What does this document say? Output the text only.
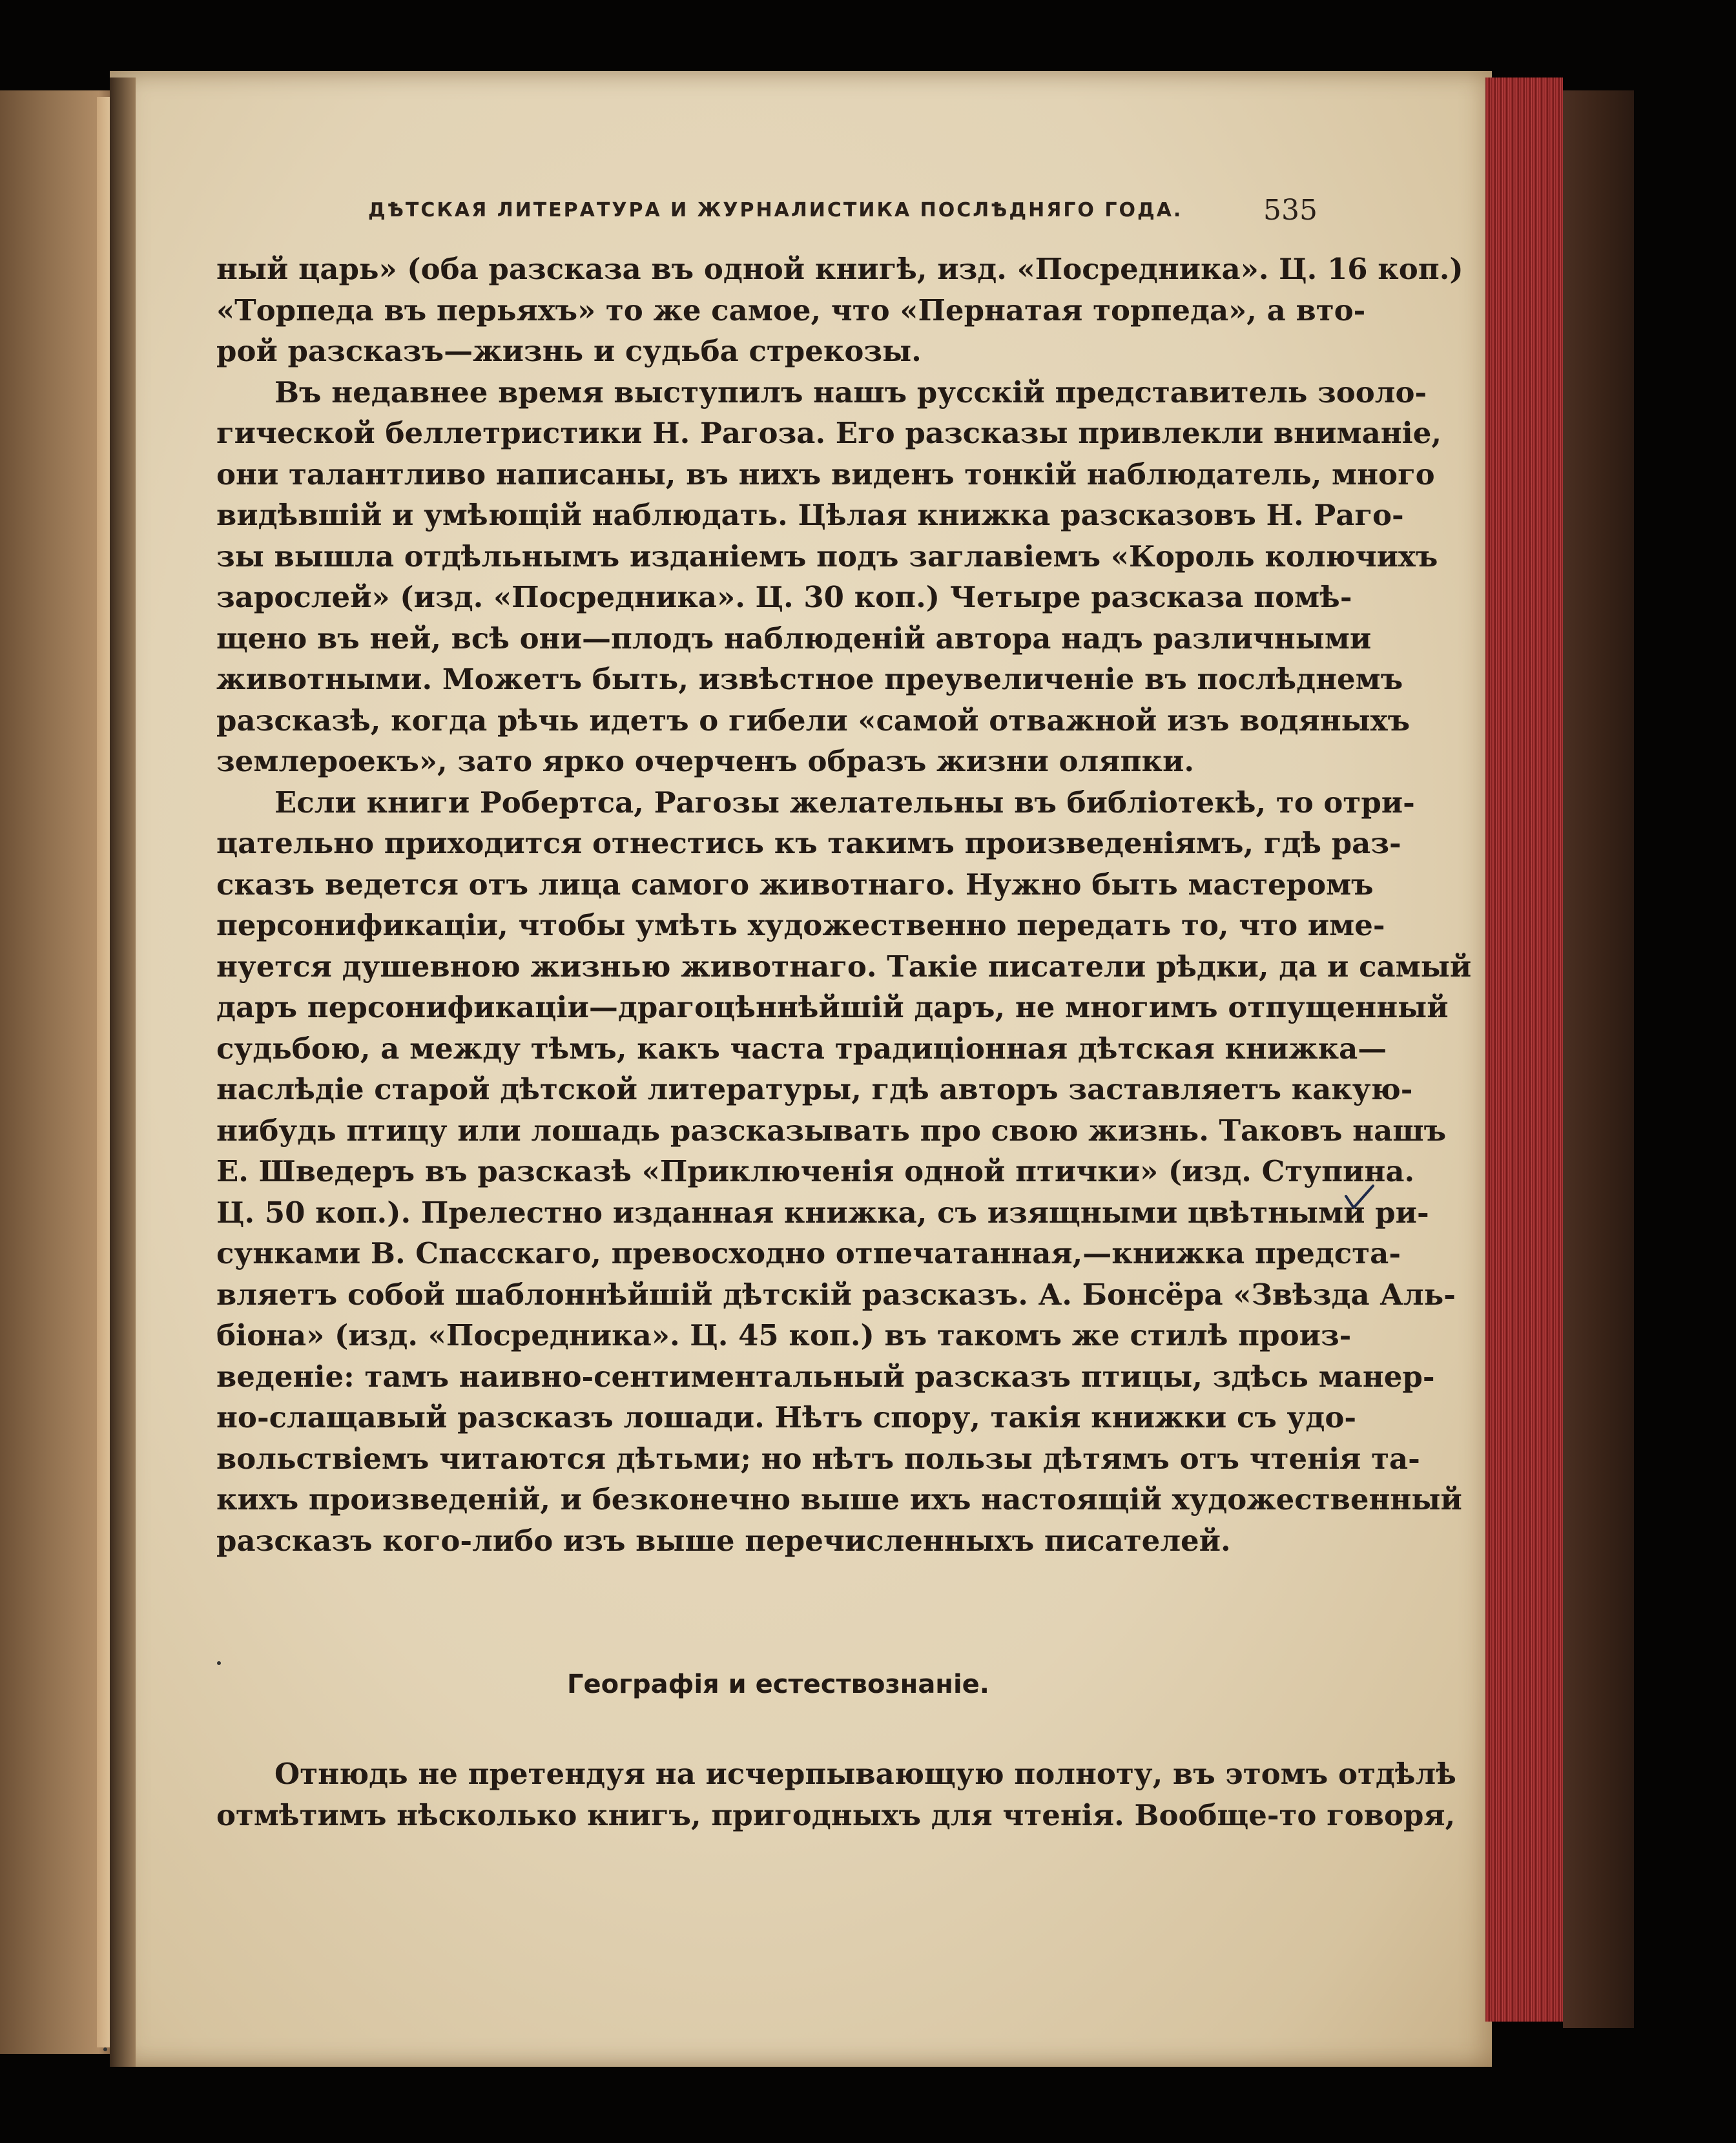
ДѢТСКАЯ ЛИТЕРАТУРА И ЖУРНАЛИСТИКА ПОСЛѢДНЯГО ГОДА.	535
ный царь» (оба разсказа въ одной книгѣ, изд. «Посредника». Ц. 16 коп.)
«Торпеда въ перьяхъ» то же самое, что «Пернатая торпеда», а вто-
рой разсказъ—жизнь и судьба стрекозы.
Въ недавнее время выступилъ нашъ русскій представитель зооло-
гической беллетристики Н. Рагоза. Его разсказы привлекли вниманіе,
они талантливо написаны, въ нихъ виденъ тонкій наблюдатель, много
видѣвшій и умѣющій наблюдать. Цѣлая книжка разсказовъ Н. Раго-
зы вышла отдѣльнымъ изданіемъ подъ заглавіемъ «Король колючихъ
зарослей» (изд. «Посредника». Ц. 30 коп.) Четыре разсказа помѣ-
щено въ ней, всѣ они—плодъ наблюденій автора надъ различными
животными. Можетъ быть, извѣстное преувеличеніе въ послѣднемъ
разсказѣ, когда рѣчь идетъ о гибели «самой отважной изъ водяныхъ
землероекъ», зато ярко очерченъ образъ жизни оляпки.
Если книги Робертса, Рагозы желательны въ библіотекѣ, то отри-
цательно приходится отнестись къ такимъ произведеніямъ, гдѣ раз-
сказъ ведется отъ лица самого животнаго. Нужно быть мастеромъ
персонификаціи, чтобы умѣть художественно передать то, что име-
нуется душевною жизнью животнаго. Такіе писатели рѣдки, да и самый
даръ персонификаціи—драгоцѣннѣйшій даръ, не многимъ отпущенный
судьбою, а между тѣмъ, какъ часта традиціонная дѣтская книжка—
наслѣдіе старой дѣтской литературы, гдѣ авторъ заставляетъ какую-
нибудь птицу или лошадь разсказывать про свою жизнь. Таковъ нашъ
Е. Шведеръ въ разсказѣ «Приключенія одной птички» (изд. Ступина.
Ц. 50 коп.). Прелестно изданная книжка, съ изящными цвѣтными ри-
сунками В. Спасскаго, превосходно отпечатанная,—книжка предста-
вляетъ собой шаблоннѣйшій дѣтскій разсказъ. А. Бонсёра «Звѣзда Аль-
біона» (изд. «Посредника». Ц. 45 коп.) въ такомъ же стилѣ произ-
веденіе: тамъ наивно-сентиментальный разсказъ птицы, здѣсь манер-
но-слащавый разсказъ лошади. Нѣтъ спору, такія книжки съ удо-
вольствіемъ читаются дѣтьми; но нѣтъ пользы дѣтямъ отъ чтенія та-
кихъ произведеній, и безконечно выше ихъ настоящій художественный
разсказъ кого-либо изъ выше перечисленныхъ писателей.
Географія и естествознаніе.
Отнюдь не претендуя на исчерпывающую полноту, въ этомъ отдѣлѣ
отмѣтимъ нѣсколько книгъ, пригодныхъ для чтенія. Вообще-то говоря,
